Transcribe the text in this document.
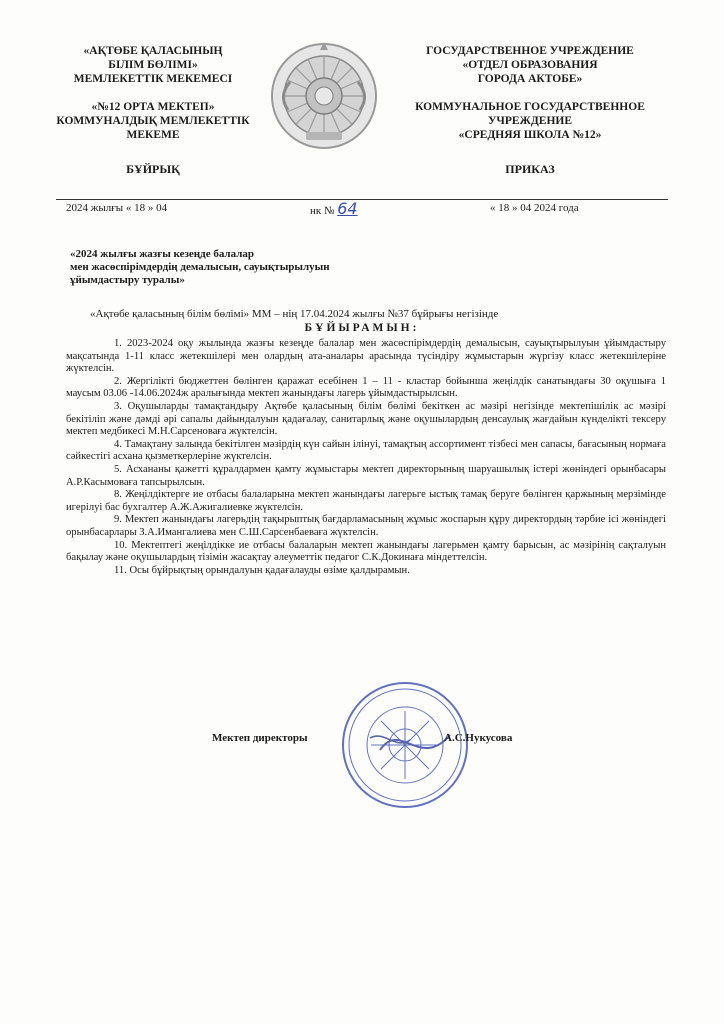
«АҚТӨБЕ ҚАЛАСЫНЫҢ

БІЛІМ БӨЛІМІ»

МЕМЛЕКЕТТІК МЕКЕМЕСІ

«№12 ОРТА МЕКТЕП»

КОММУНАЛДЫҚ МЕМЛЕКЕТТІК

МЕКЕМЕ

БҰЙРЫҚ

ГОСУДАРСТВЕННОЕ УЧРЕЖДЕНИЕ

«ОТДЕЛ ОБРАЗОВАНИЯ

ГОРОДА АКТОБЕ»

КОММУНАЛЬНОЕ ГОСУДАРСТВЕННОЕ

УЧРЕЖДЕНИЕ

«СРЕДНЯЯ ШКОЛА №12»

ПРИКАЗ

2024 жылғы « 18 » 04	нк № 64	« 18 » 04 2024 года

«2024 жылғы жазғы кезеңде балалар

мен жасөспірімдердің демалысын, сауықтырылуын

ұйымдастыру туралы»

«Ақтөбе қаласының білім бөлімі» ММ – нің 17.04.2024 жылғы №37 бұйрығы негізінде
БҰЙЫРАМЫН:

1. 2023-2024 оқу жылында жазғы кезеңде балалар мен жасөспірімдердің демалысын, сауықтырылуын ұйымдастыру мақсатында 1-11 класс жетекшілері мен олардың ата-аналары арасында түсіндіру жұмыстарын жүргізу класс жетекшілеріне жүктелсін.

2. Жергілікті бюджеттен бөлінген қаражат есебінен 1 – 11 - кластар бойынша жеңілдік санатындағы 30 оқушыға 1 маусым 03.06 -14.06.2024ж аралығында мектеп жанындағы лагерь ұйымдастырылсын.

3. Оқушыларды тамақтандыру Ақтөбе қаласының білім бөлімі бекіткен ас мәзірі негізінде мектепішілік ас мәзірі бекітіліп және дәмді әрі сапалы дайындалуын қадағалау, санитарлық және оқушылардың денсаулық жағдайын күнделікті тексеру мектеп медбикесі М.Н.Сарсеноваға жүктелсін.

4. Тамақтану залында бекітілген мәзірдің күн сайын ілінуі, тамақтың ассортимент тізбесі мен сапасы, бағасының нормаға сәйкестігі асхана қызметкерлеріне жүктелсін.

5. Асхананы қажетті құралдармен қамту жұмыстары мектеп директорының шаруашылық істері жөніндегі орынбасары А.Р.Касымоваға тапсырылсын.

8. Жеңілдіктерге ие отбасы балаларына мектеп жанындағы лагерьге ыстық тамақ беруге бөлінген қаржының мерзімінде игерілуі бас бухгалтер А.Ж.Ажигалиевке жүктелсін.

9. Мектеп жанындағы лагерьдің тақырыптық бағдарламасының жұмыс жоспарын құру директордың тәрбие ісі жөніндегі орынбасарлары З.А.Имангалиева мен С.Ш.Сарсенбаевағa жүктелсін.

10. Мектептегі жеңілдікке ие отбасы балаларын мектеп жанындағы лагерьмен қамту барысын, ас мәзірінің сақталуын бақылау және оқушылардың тізімін жасақтау әлеуметтік педагог С.К.Докинаға міндеттелсін.

11. Осы бұйрықтың орындалуын қадағалауды өзіме қалдырамын.

Мектеп директоры	А.С.Нукусова
